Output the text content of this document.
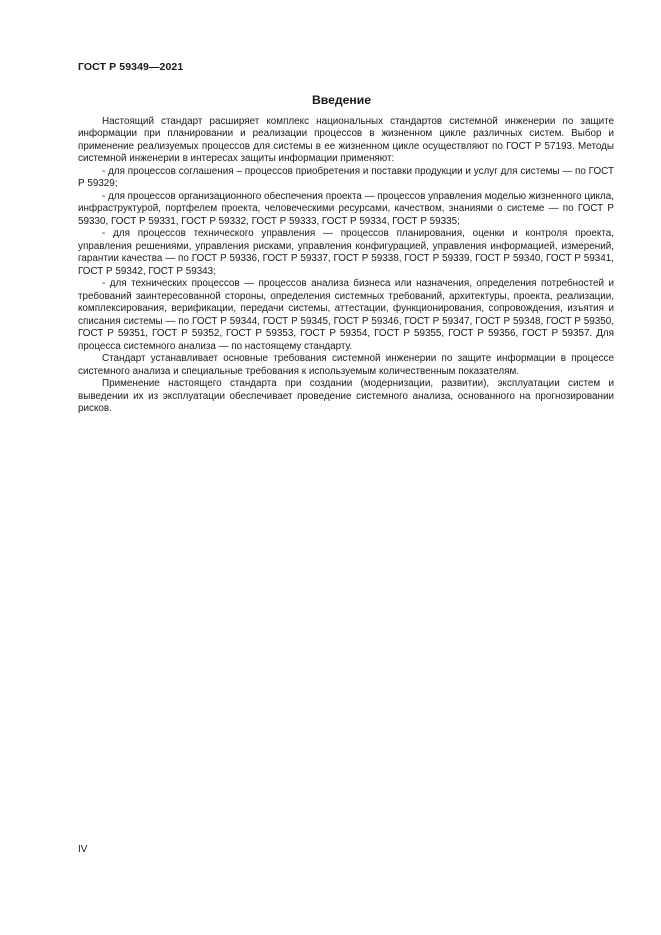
ГОСТ Р 59349—2021
Введение

Настоящий стандарт расширяет комплекс национальных стандартов системной инженерии по защите информации при планировании и реализации процессов в жизненном цикле различных систем. Выбор и применение реализуемых процессов для системы в ее жизненном цикле осуществляют по ГОСТ Р 57193. Методы системной инженерии в интересах защиты информации применяют:

- для процессов соглашения – процессов приобретения и поставки продукции и услуг для системы — по ГОСТ Р 59329;

- для процессов организационного обеспечения проекта — процессов управления моделью жизненного цикла, инфраструктурой, портфелем проекта, человеческими ресурсами, качеством, знаниями о системе — по ГОСТ Р 59330, ГОСТ Р 59331, ГОСТ Р 59332, ГОСТ Р 59333, ГОСТ Р 59334, ГОСТ Р 59335;

- для процессов технического управления — процессов планирования, оценки и контроля проекта, управления решениями, управления рисками, управления конфигурацией, управления информацией, измерений, гарантии качества — по ГОСТ Р 59336, ГОСТ Р 59337, ГОСТ Р 59338, ГОСТ Р 59339, ГОСТ Р 59340, ГОСТ Р 59341, ГОСТ Р 59342, ГОСТ Р 59343;

- для технических процессов — процессов анализа бизнеса или назначения, определения потребностей и требований заинтересованной стороны, определения системных требований, архитектуры, проекта, реализации, комплексирования, верификации, передачи системы, аттестации, функционирования, сопровождения, изъятия и списания системы — по ГОСТ Р 59344, ГОСТ Р 59345, ГОСТ Р 59346, ГОСТ Р 59347, ГОСТ Р 59348, ГОСТ Р 59350, ГОСТ Р 59351, ГОСТ Р 59352, ГОСТ Р 59353, ГОСТ Р 59354, ГОСТ Р 59355, ГОСТ Р 59356, ГОСТ Р 59357. Для процесса системного анализа — по настоящему стандарту.

Стандарт устанавливает основные требования системной инженерии по защите информации в процессе системного анализа и специальные требования к используемым количественным показателям.

Применение настоящего стандарта при создании (модернизации, развитии), эксплуатации систем и выведении их из эксплуатации обеспечивает проведение системного анализа, основанного на прогнозировании рисков.

IV
